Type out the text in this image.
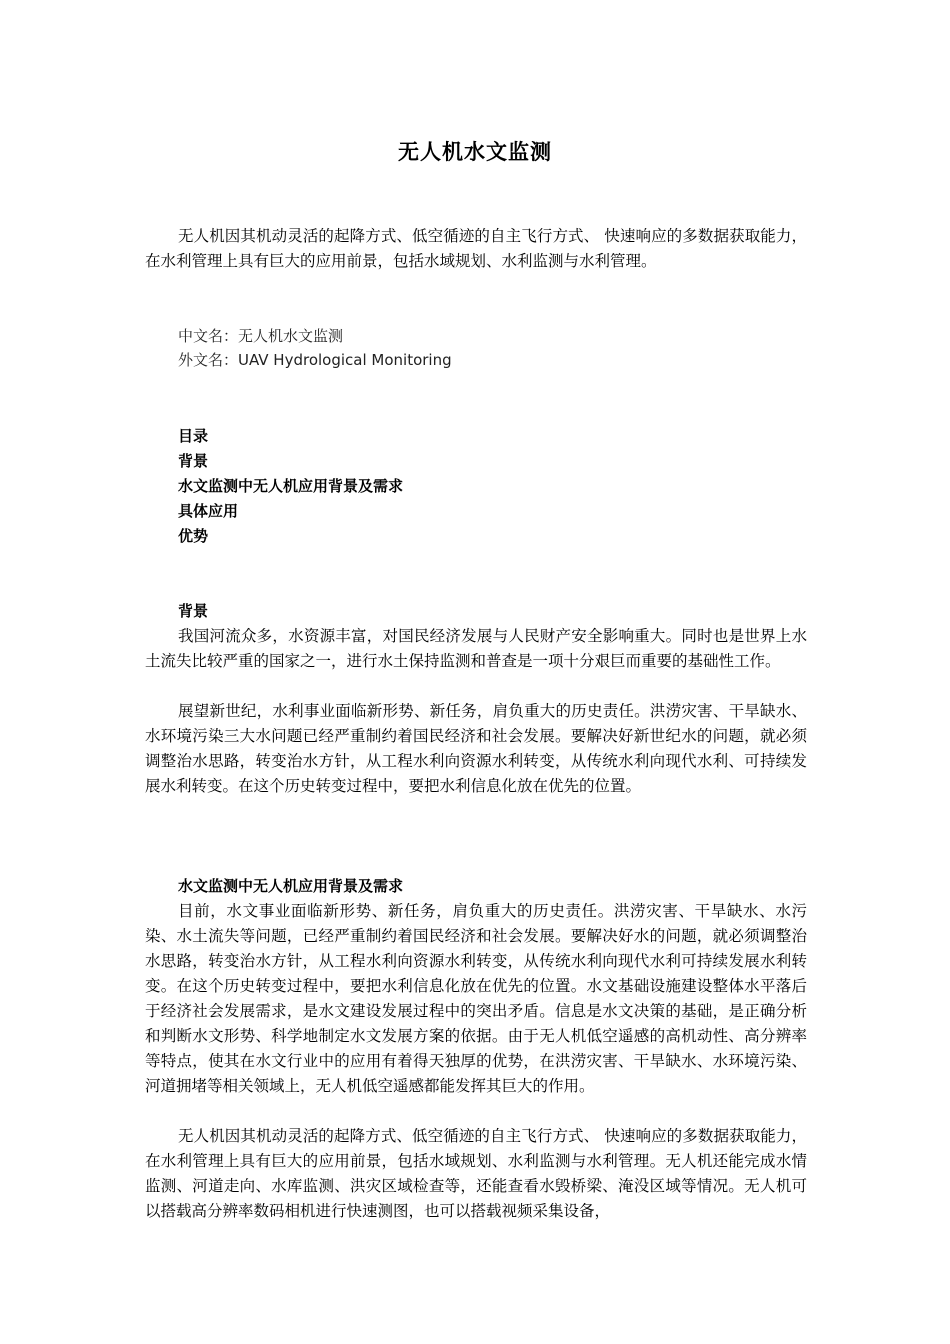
无人机水文监测

无人机因其机动灵活的起降方式、低空循迹的自主飞行方式、 快速响应的多数据获取能力，在水利管理上具有巨大的应用前景，包括水域规划、水利监测与水利管理。

中文名：无人机水文监测
外文名：UAV Hydrological Monitoring
目录
背景
水文监测中无人机应用背景及需求
具体应用
优势
背景

我国河流众多，水资源丰富，对国民经济发展与人民财产安全影响重大。同时也是世界上水土流失比较严重的国家之一，进行水土保持监测和普查是一项十分艰巨而重要的基础性工作。

展望新世纪，水利事业面临新形势、新任务，肩负重大的历史责任。洪涝灾害、干旱缺水、水环境污染三大水问题已经严重制约着国民经济和社会发展。要解决好新世纪水的问题，就必须调整治水思路，转变治水方针，从工程水利向资源水利转变，从传统水利向现代水利、可持续发展水利转变。在这个历史转变过程中，要把水利信息化放在优先的位置。

水文监测中无人机应用背景及需求

目前，水文事业面临新形势、新任务，肩负重大的历史责任。洪涝灾害、干旱缺水、水污染、水土流失等问题，已经严重制约着国民经济和社会发展。要解决好水的问题，就必须调整治水思路，转变治水方针，从工程水利向资源水利转变，从传统水利向现代水利可持续发展水利转变。在这个历史转变过程中，要把水利信息化放在优先的位置。水文基础设施建设整体水平落后于经济社会发展需求，是水文建设发展过程中的突出矛盾。信息是水文决策的基础，是正确分析和判断水文形势、科学地制定水文发展方案的依据。由于无人机低空遥感的高机动性、高分辨率等特点，使其在水文行业中的应用有着得天独厚的优势，在洪涝灾害、干旱缺水、水环境污染、河道拥堵等相关领域上，无人机低空遥感都能发挥其巨大的作用。

无人机因其机动灵活的起降方式、低空循迹的自主飞行方式、 快速响应的多数据获取能力，在水利管理上具有巨大的应用前景，包括水域规划、水利监测与水利管理。无人机还能完成水情监测、河道走向、水库监测、洪灾区域检查等，还能查看水毁桥梁、淹没区域等情况。无人机可以搭载高分辨率数码相机进行快速测图，也可以搭载视频采集设备，
